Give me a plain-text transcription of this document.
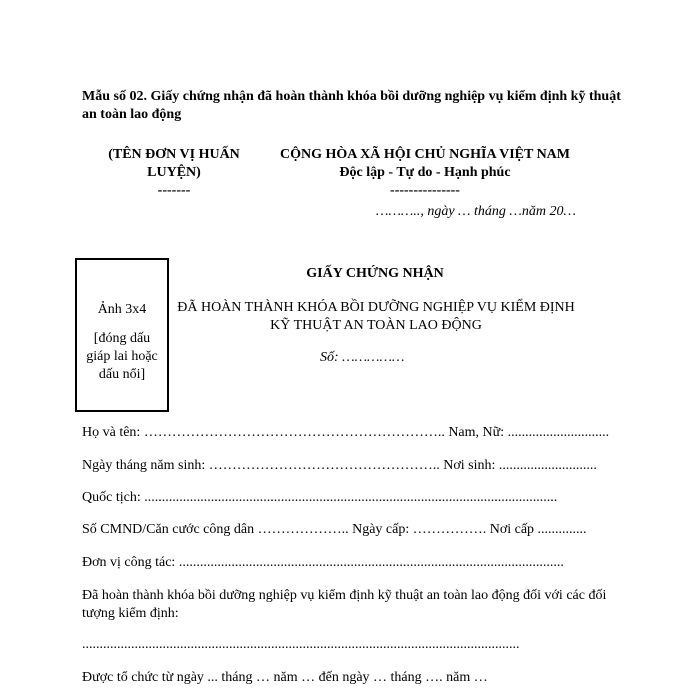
Mẫu số 02. Giấy chứng nhận đã hoàn thành khóa bồi dưỡng nghiệp vụ kiểm định kỹ thuật an toàn lao động
(TÊN ĐƠN VỊ HUẤN LUYỆN)
-------
CỘNG HÒA XÃ HỘI CHỦ NGHĨA VIỆT NAM
Độc lập - Tự do - Hạnh phúc
---------------
……….., ngày … tháng …năm 20…
Ảnh 3x4
[đóng dấu giáp lai hoặc dấu nổi]
GIẤY CHỨNG NHẬN
ĐÃ HOÀN THÀNH KHÓA BỒI DƯỠNG NGHIỆP VỤ KIỂM ĐỊNH
KỸ THUẬT AN TOÀN LAO ĐỘNG
Số: ……………
Họ và tên: ……………………………………………………….. Nam, Nữ: .............................
Ngày tháng năm sinh: ………………………………………….. Nơi sinh: ............................
Quốc tịch: ......................................................................................................................
Số CMND/Căn cước công dân ……………….. Ngày cấp: ……………. Nơi cấp ..............
Đơn vị công tác: ..............................................................................................................
Đã hoàn thành khóa bồi dưỡng nghiệp vụ kiểm định kỹ thuật an toàn lao động đối với các đối tượng kiểm định:
.............................................................................................................................
Được tổ chức từ ngày ... tháng … năm … đến ngày … tháng …. năm …
